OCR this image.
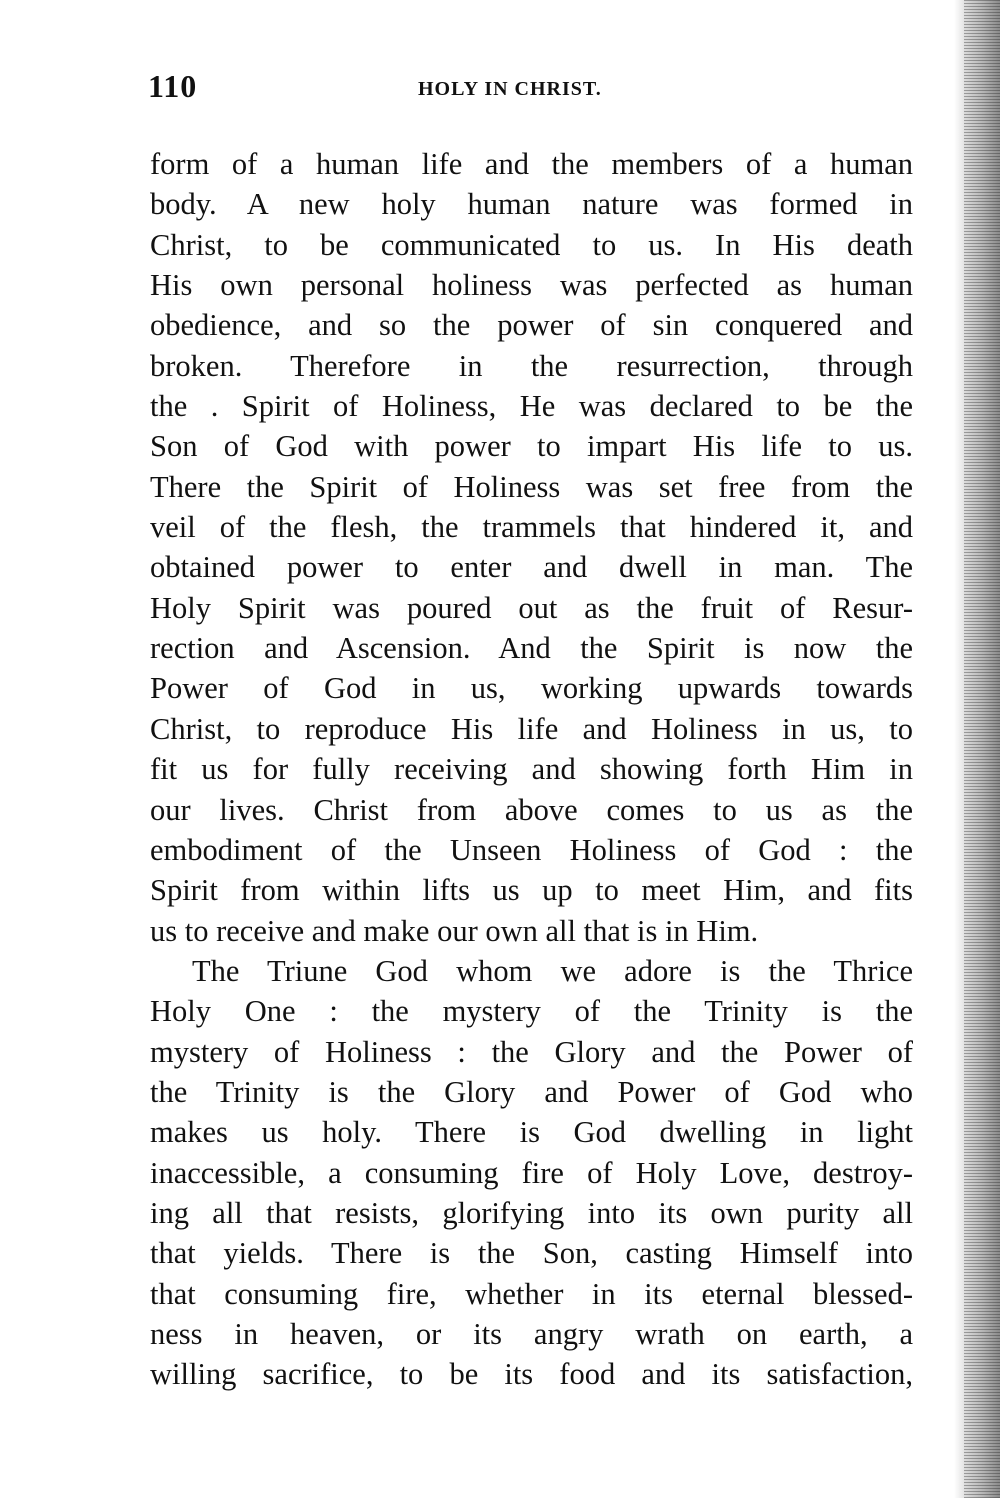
110	HOLY IN CHRIST.
form of a human life and the members of a human
body. A new holy human nature was formed in
Christ, to be communicated to us. In His death
His own personal holiness was perfected as human
obedience, and so the power of sin conquered and
broken. Therefore in the resurrection, through
the . Spirit of Holiness, He was declared to be the
Son of God with power to impart His life to us.
There the Spirit of Holiness was set free from the
veil of the flesh, the trammels that hindered it, and
obtained power to enter and dwell in man. The
Holy Spirit was poured out as the fruit of Resur-
rection and Ascension. And the Spirit is now the
Power of God in us, working upwards towards
Christ, to reproduce His life and Holiness in us, to
fit us for fully receiving and showing forth Him in
our lives. Christ from above comes to us as the
embodiment of the Unseen Holiness of God : the
Spirit from within lifts us up to meet Him, and fits
us to receive and make our own all that is in Him.
The Triune God whom we adore is the Thrice
Holy One : the mystery of the Trinity is the
mystery of Holiness : the Glory and the Power of
the Trinity is the Glory and Power of God who
makes us holy. There is God dwelling in light
inaccessible, a consuming fire of Holy Love, destroy-
ing all that resists, glorifying into its own purity all
that yields. There is the Son, casting Himself into
that consuming fire, whether in its eternal blessed-
ness in heaven, or its angry wrath on earth, a
willing sacrifice, to be its food and its satisfaction,
